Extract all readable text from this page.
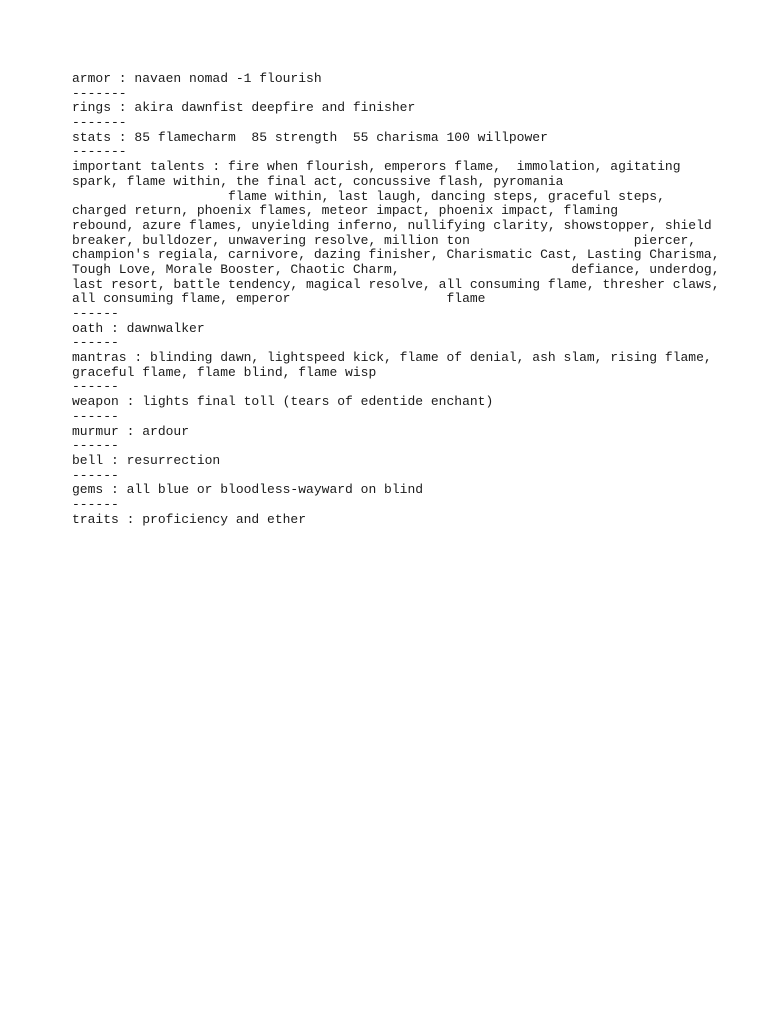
armor : navaen nomad -1 flourish
-------
rings : akira dawnfist deepfire and finisher
-------
stats : 85 flamecharm  85 strength  55 charisma 100 willpower
-------
important talents : fire when flourish, emperors flame,  immolation, agitating
spark, flame within, the final act, concussive flash, pyromania
flame within, last laugh, dancing steps, graceful steps,
charged return, phoenix flames, meteor impact, phoenix impact, flaming
rebound, azure flames, unyielding inferno, nullifying clarity, showstopper, shield
breaker, bulldozer, unwavering resolve, million ton                     piercer,
champion's regiala, carnivore, dazing finisher, Charismatic Cast, Lasting Charisma,
Tough Love, Morale Booster, Chaotic Charm,                      defiance, underdog,
last resort, battle tendency, magical resolve, all consuming flame, thresher claws,
all consuming flame, emperor                    flame
------
oath : dawnwalker
------
mantras : blinding dawn, lightspeed kick, flame of denial, ash slam, rising flame,
graceful flame, flame blind, flame wisp
------
weapon : lights final toll (tears of edentide enchant)
------
murmur : ardour
------
bell : resurrection
------
gems : all blue or bloodless-wayward on blind
------
traits : proficiency and ether
